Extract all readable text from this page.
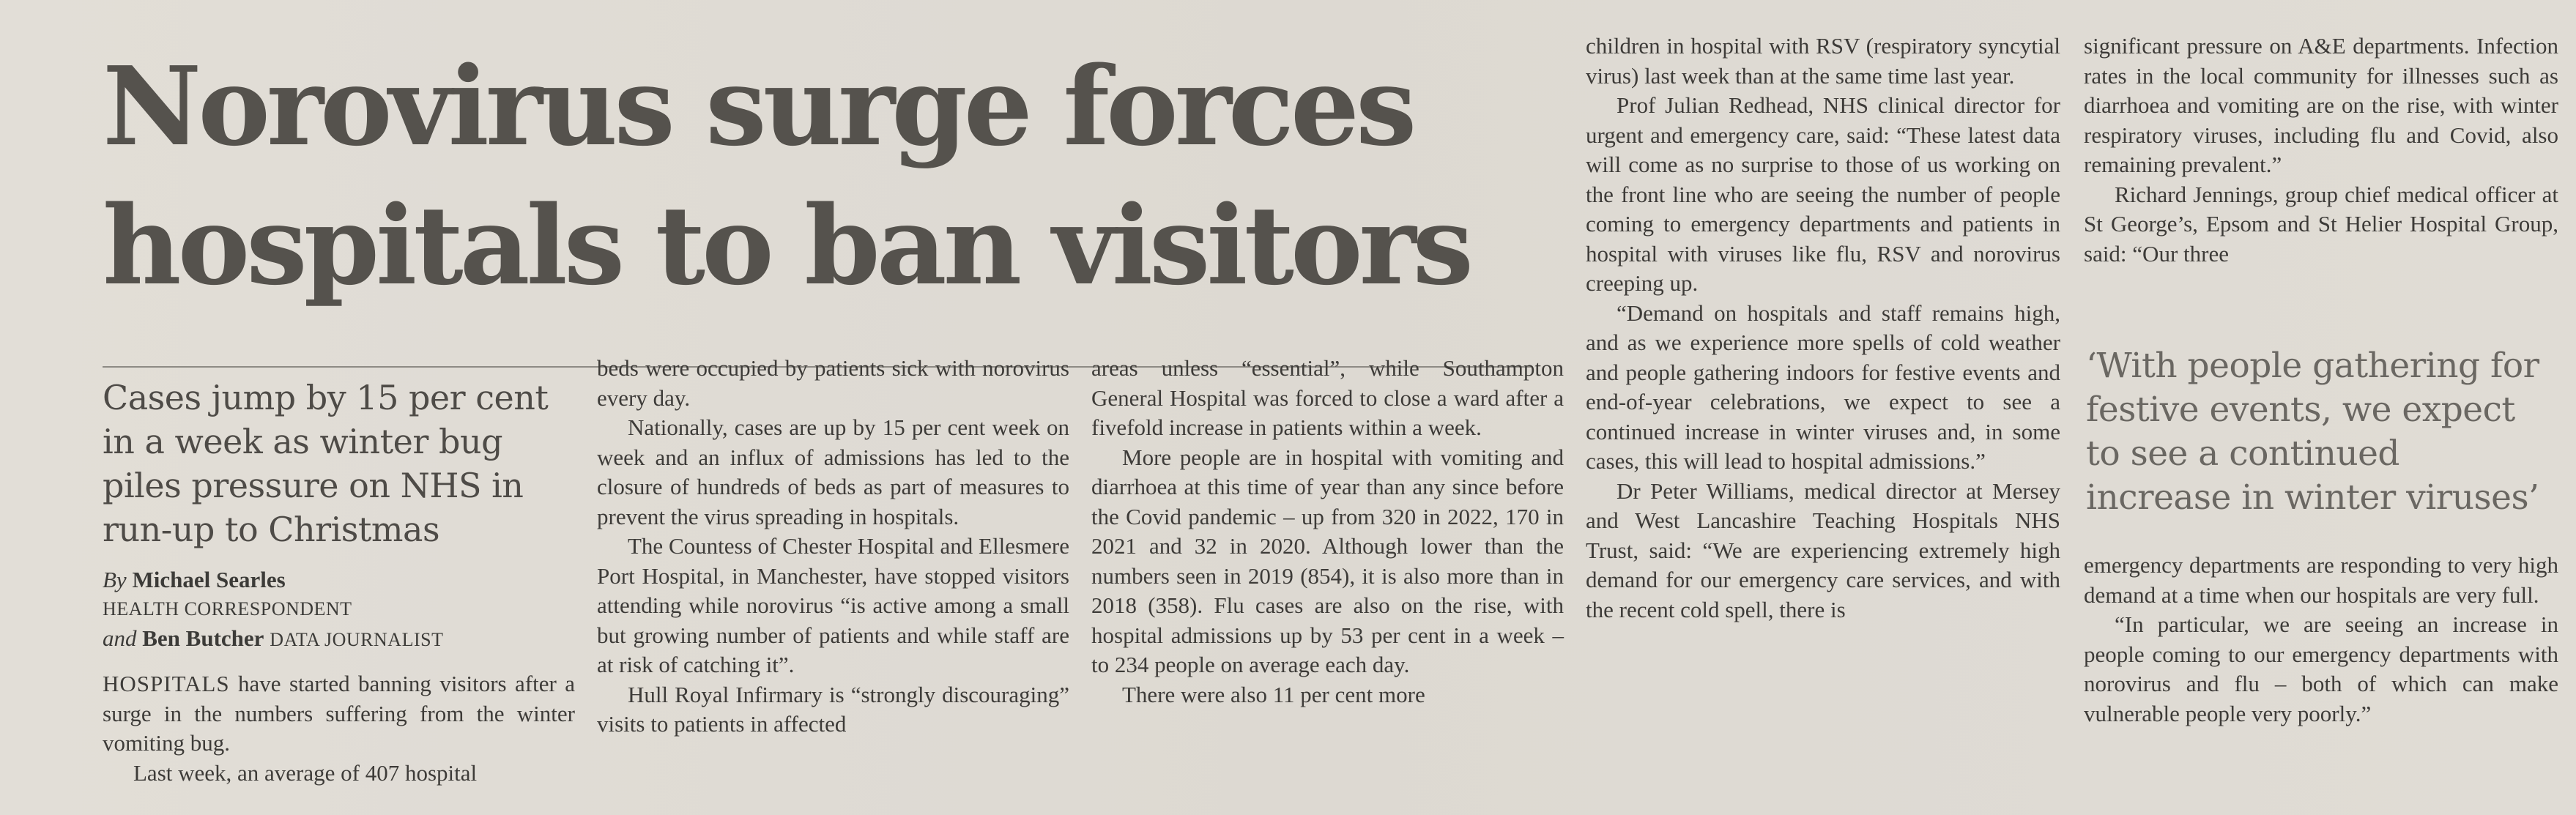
Norovirus surge forces
hospitals to ban visitors

Cases jump by 15 per cent in a week as winter bug piles pressure on NHS in run-up to Christmas

By Michael Searles
HEALTH CORRESPONDENT
and Ben Butcher DATA JOURNALIST

HOSPITALS have started banning visitors after a surge in the numbers suffering from the winter vomiting bug.

Last week, an average of 407 hospital

beds were occupied by patients sick with norovirus every day.

Nationally, cases are up by 15 per cent week on week and an influx of admissions has led to the closure of hundreds of beds as part of measures to prevent the virus spreading in hospitals.

The Countess of Chester Hospital and Ellesmere Port Hospital, in Manchester, have stopped visitors attending while norovirus “is active among a small but growing number of patients and while staff are at risk of catching it”.

Hull Royal Infirmary is “strongly discouraging” visits to patients in affected

areas unless “essential”, while Southampton General Hospital was forced to close a ward after a fivefold increase in patients within a week.

More people are in hospital with vomiting and diarrhoea at this time of year than any since before the Covid pandemic – up from 320 in 2022, 170 in 2021 and 32 in 2020. Although lower than the numbers seen in 2019 (854), it is also more than in 2018 (358). Flu cases are also on the rise, with hospital admissions up by 53 per cent in a week – to 234 people on average each day.

There were also 11 per cent more

children in hospital with RSV (respiratory syncytial virus) last week than at the same time last year.

Prof Julian Redhead, NHS clinical director for urgent and emergency care, said: “These latest data will come as no surprise to those of us working on the front line who are seeing the number of people coming to emergency departments and patients in hospital with viruses like flu, RSV and norovirus creeping up.

“Demand on hospitals and staff remains high, and as we experience more spells of cold weather and people gathering indoors for festive events and end-of-year celebrations, we expect to see a continued increase in winter viruses and, in some cases, this will lead to hospital admissions.”

Dr Peter Williams, medical director at Mersey and West Lancashire Teaching Hospitals NHS Trust, said: “We are experiencing extremely high demand for our emergency care services, and with the recent cold spell, there is

significant pressure on A&E departments. Infection rates in the local community for illnesses such as diarrhoea and vomiting are on the rise, with winter respiratory viruses, including flu and Covid, also remaining prevalent.”

Richard Jennings, group chief medical officer at St George’s, Epsom and St Helier Hospital Group, said: “Our three

‘With people gathering for festive events, we expect to see a continued increase in winter viruses’

emergency departments are responding to very high demand at a time when our hospitals are very full.

“In particular, we are seeing an increase in people coming to our emergency departments with norovirus and flu – both of which can make vulnerable people very poorly.”
